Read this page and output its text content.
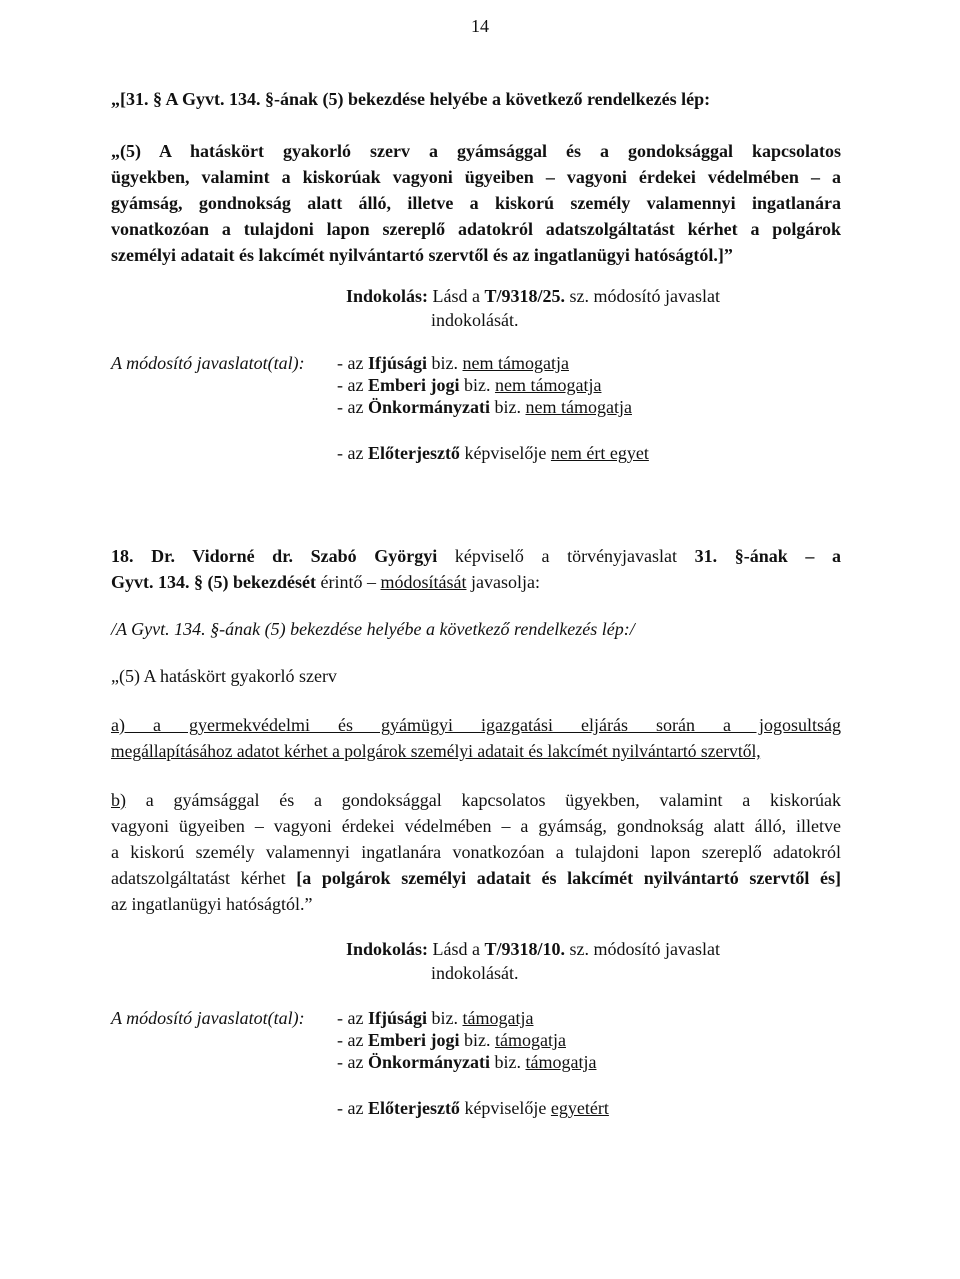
14
„[31. § A Gyvt. 134. §-ának (5) bekezdése helyébe a következő rendelkezés lép:
„(5) A hatáskört gyakorló szerv a gyámsággal és a gondoksággal kapcsolatos
ügyekben, valamint a kiskorúak vagyoni ügyeiben – vagyoni érdekei védelmében – a
gyámság, gondnokság alatt álló, illetve a kiskorú személy valamennyi ingatlanára
vonatkozóan a tulajdoni lapon szereplő adatokról adatszolgáltatást kérhet a polgárok
személyi adatait és lakcímét nyilvántartó szervtől és az ingatlanügyi hatóságtól.]”
Indokolás: Lásd a T/9318/25. sz. módosító javaslat
indokolását.
A módosító javaslatot(tal): - az Ifjúsági biz. nem támogatja
- az Emberi jogi biz. nem támogatja
- az Önkormányzati biz. nem támogatja
- az Előterjesztő képviselője nem ért egyet
18. Dr. Vidorné dr. Szabó Györgyi képviselő a törvényjavaslat 31. §-ának – a
Gyvt. 134. § (5) bekezdését érintő – módosítását javasolja:
/A Gyvt. 134. §-ának (5) bekezdése helyébe a következő rendelkezés lép:/
„(5) A hatáskört gyakorló szerv
a) a gyermekvédelmi és gyámügyi igazgatási eljárás során a jogosultság
megállapításához adatot kérhet a polgárok személyi adatait és lakcímét nyilvántartó szervtől,
b) a gyámsággal és a gondoksággal kapcsolatos ügyekben, valamint a kiskorúak
vagyoni ügyeiben – vagyoni érdekei védelmében – a gyámság, gondnokság alatt álló, illetve
a kiskorú személy valamennyi ingatlanára vonatkozóan a tulajdoni lapon szereplő adatokról
adatszolgáltatást kérhet [a polgárok személyi adatait és lakcímét nyilvántartó szervtől és]
az ingatlanügyi hatóságtól.”
Indokolás: Lásd a T/9318/10. sz. módosító javaslat
indokolását.
A módosító javaslatot(tal): - az Ifjúsági biz. támogatja
- az Emberi jogi biz. támogatja
- az Önkormányzati biz. támogatja
- az Előterjesztő képviselője egyetért
